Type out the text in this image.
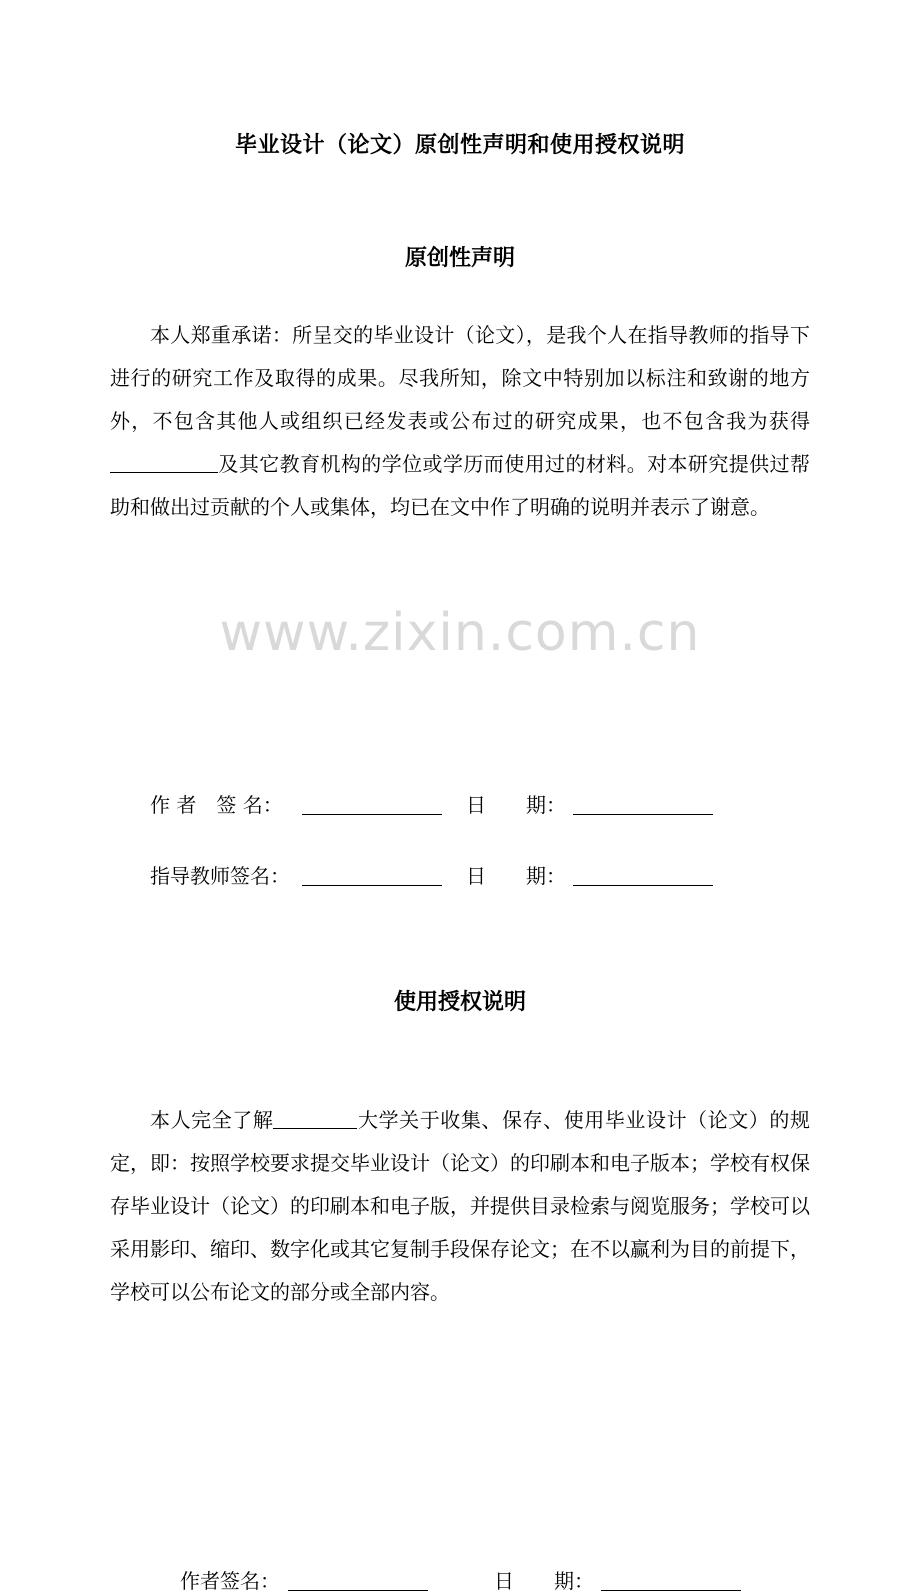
www.zixin.com.cn
毕业设计（论文）原创性声明和使用授权说明
原创性声明

本人郑重承诺：所呈交的毕业设计（论文），是我个人在指导教师的指导下进行的研究工作及取得的成果。尽我所知，除文中特别加以标注和致谢的地方外，不包含其他人或组织已经发表或公布过的研究成果，也不包含我为获得及其它教育机构的学位或学历而使用过的材料。对本研究提供过帮助和做出过贡献的个人或集体，均已在文中作了明确的说明并表示了谢意。

作 者　签 名：	日　　期：
指导教师签名：	日　　期：
使用授权说明

本人完全了解	大学关于收集、保存、使用毕业设计（论文）的规定，即：按照学校要求提交毕业设计（论文）的印刷本和电子版本；学校有权保存毕业设计（论文）的印刷本和电子版，并提供目录检索与阅览服务；学校可以采用影印、缩印、数字化或其它复制手段保存论文；在不以赢利为目的前提下，学校可以公布论文的部分或全部内容。

作者签名：	日　　期：
